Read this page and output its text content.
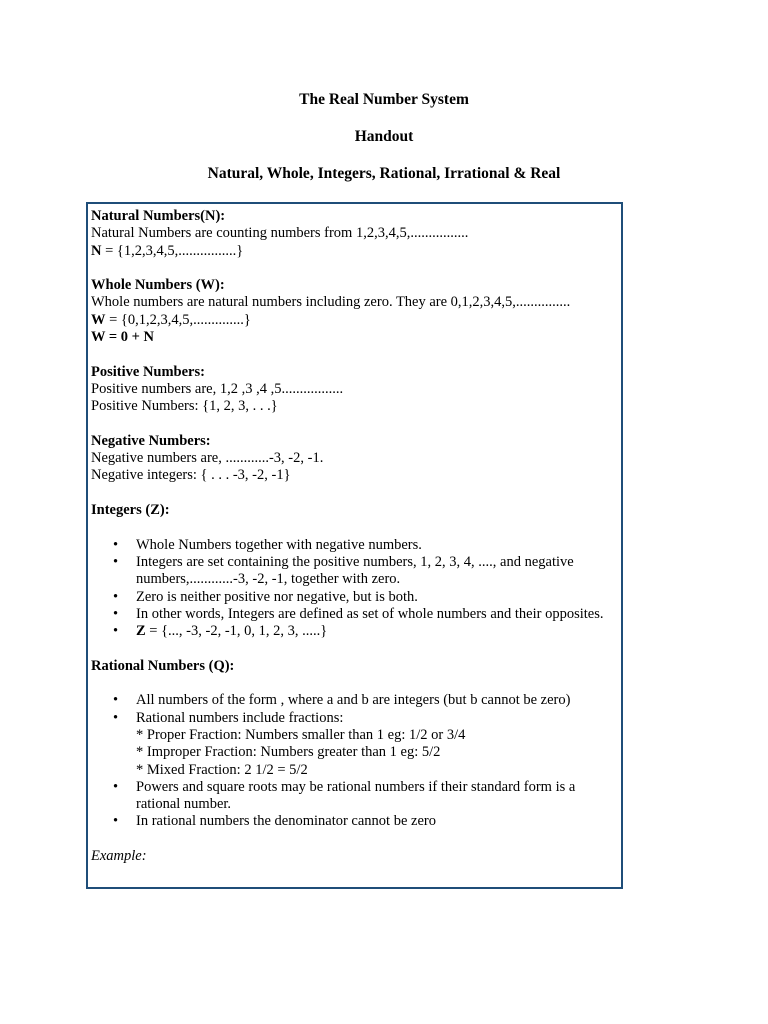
The Real Number System
Handout
Natural, Whole, Integers, Rational, Irrational & Real
Natural Numbers(N):
Natural Numbers are counting numbers from 1,2,3,4,5,................
N = {1,2,3,4,5,................}
Whole Numbers (W):
Whole numbers are natural numbers including zero. They are 0,1,2,3,4,5,...............
W = {0,1,2,3,4,5,..............}
W = 0 + N
Positive Numbers:
Positive numbers are, 1,2 ,3 ,4 ,5.................
Positive Numbers: {1, 2, 3, . . .}
Negative Numbers:
Negative numbers are, ............-3, -2, -1.
Negative integers: { . . . -3, -2, -1}
Integers (Z):
• Whole Numbers together with negative numbers.
• Integers are set containing the positive numbers, 1, 2, 3, 4, ...., and negative numbers,............-3, -2, -1, together with zero.
• Zero is neither positive nor negative, but is both.
• In other words, Integers are defined as set of whole numbers and their opposites.
• Z = {..., -3, -2, -1, 0, 1, 2, 3, .....}
Rational Numbers (Q):
• All numbers of the form , where a and b are integers (but b cannot be zero)
• Rational numbers include fractions:
* Proper Fraction: Numbers smaller than 1 eg: 1/2 or 3/4
* Improper Fraction: Numbers greater than 1 eg: 5/2
* Mixed Fraction: 2 1/2 = 5/2
• Powers and square roots may be rational numbers if their standard form is a rational number.
• In rational numbers the denominator cannot be zero
Example:
